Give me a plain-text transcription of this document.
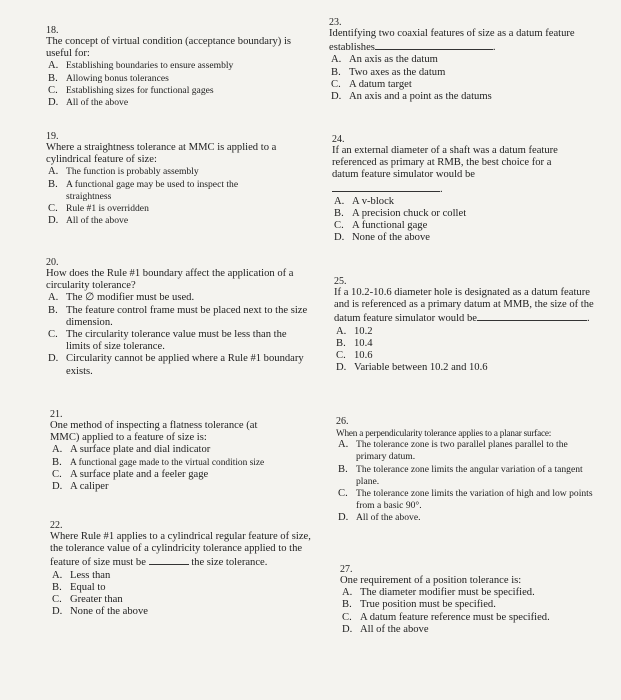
18.
The concept of virtual condition (acceptance boundary) is useful for:
A. Establishing boundaries to ensure assembly
B. Allowing bonus tolerances
C. Establishing sizes for functional gages
D. All of the above
19.
Where a straightness tolerance at MMC is applied to a cylindrical feature of size:
A. The function is probably assembly
B. A functional gage may be used to inspect the straightness
C. Rule #1 is overridden
D. All of the above
20.
How does the Rule #1 boundary affect the application of a circularity tolerance?
A. The ∅ modifier must be used.
B. The feature control frame must be placed next to the size dimension.
C. The circularity tolerance value must be less than the limits of size tolerance.
D. Circularity cannot be applied where a Rule #1 boundary exists.
21.
One method of inspecting a flatness tolerance (at MMC) applied to a feature of size is:
A. A surface plate and dial indicator
B. A functional gage made to the virtual condition size
C. A surface plate and a feeler gage
D. A caliper
22.
Where Rule #1 applies to a cylindrical regular feature of size, the tolerance value of a cylindricity tolerance applied to the feature of size must be	the size tolerance.
A. Less than
B. Equal to
C. Greater than
D. None of the above
23.
Identifying two coaxial features of size as a datum feature establishes	.
A. An axis as the datum
B. Two axes as the datum
C. A datum target
D. An axis and a point as the datums
24.
If an external diameter of a shaft was a datum feature referenced as primary at RMB, the best choice for a datum feature simulator would be.
A. A v-block
B. A precision chuck or collet
C. A functional gage
D. None of the above
25.
If a 10.2-10.6 diameter hole is designated as a datum feature and is referenced as a primary datum at MMB, the size of the datum feature simulator would be	.
A. 10.2
B. 10.4
C. 10.6
D. Variable between 10.2 and 10.6
26.
When a perpendicularity tolerance applies to a planar surface:
A. The tolerance zone is two parallel planes parallel to the primary datum.
B. The tolerance zone limits the angular variation of a tangent plane.
C. The tolerance zone limits the variation of high and low points from a basic 90°.
D. All of the above.
27.
One requirement of a position tolerance is:
A. The diameter modifier must be specified.
B. True position must be specified.
C. A datum feature reference must be specified.
D. All of the above
